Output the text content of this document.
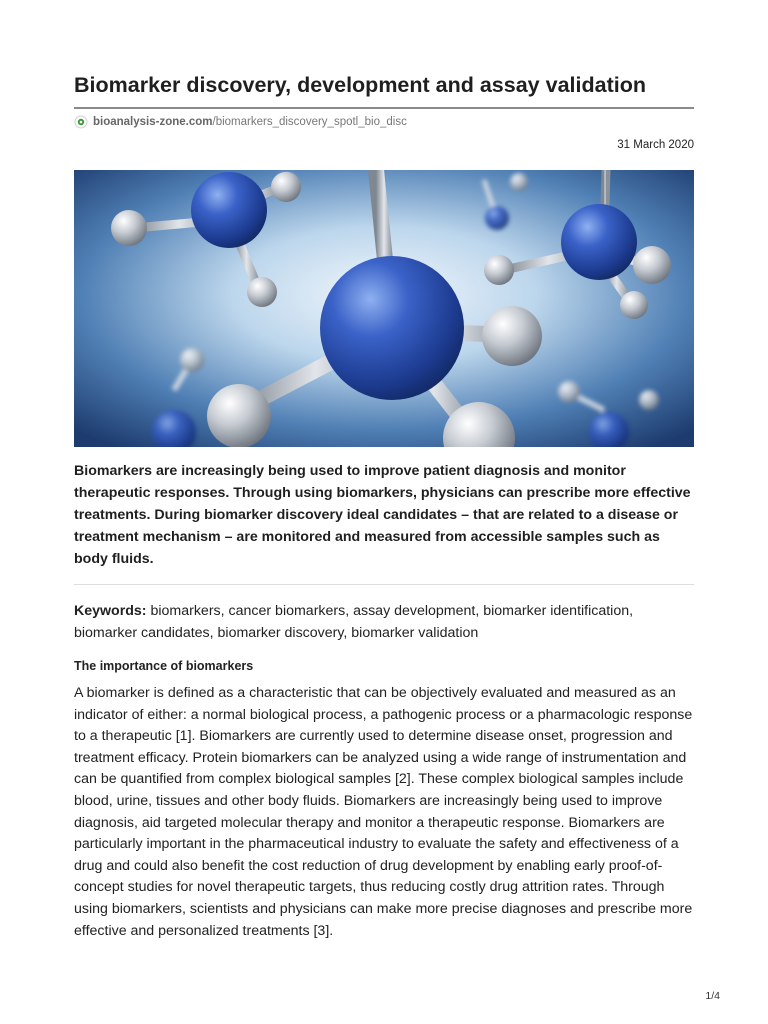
Biomarker discovery, development and assay validation
bioanalysis-zone.com/biomarkers_discovery_spotl_bio_disc
31 March 2020
Biomarkers are increasingly being used to improve patient diagnosis and monitor therapeutic responses. Through using biomarkers, physicians can prescribe more effective treatments. During biomarker discovery ideal candidates – that are related to a disease or treatment mechanism – are monitored and measured from accessible samples such as body fluids.
Keywords: biomarkers, cancer biomarkers, assay development, biomarker identification, biomarker candidates, biomarker discovery, biomarker validation
The importance of biomarkers
A biomarker is defined as a characteristic that can be objectively evaluated and measured as an indicator of either: a normal biological process, a pathogenic process or a pharmacologic response to a therapeutic [1]. Biomarkers are currently used to determine disease onset, progression and treatment efficacy. Protein biomarkers can be analyzed using a wide range of instrumentation and can be quantified from complex biological samples [2]. These complex biological samples include blood, urine, tissues and other body fluids. Biomarkers are increasingly being used to improve diagnosis, aid targeted molecular therapy and monitor a therapeutic response. Biomarkers are particularly important in the pharmaceutical industry to evaluate the safety and effectiveness of a drug and could also benefit the cost reduction of drug development by enabling early proof-of-concept studies for novel therapeutic targets, thus reducing costly drug attrition rates. Through using biomarkers, scientists and physicians can make more precise diagnoses and prescribe more effective and personalized treatments [3].
1/4
